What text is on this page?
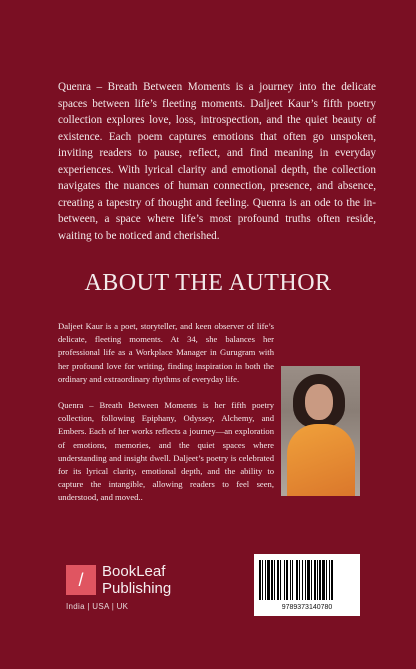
Quenra – Breath Between Moments is a journey into the delicate spaces between life’s fleeting moments. Daljeet Kaur’s fifth poetry collection explores love, loss, introspection, and the quiet beauty of existence. Each poem captures emotions that often go unspoken, inviting readers to pause, reflect, and find meaning in everyday experiences. With lyrical clarity and emotional depth, the collection navigates the nuances of human connection, presence, and absence, creating a tapestry of thought and feeling. Quenra is an ode to the in-between, a space where life’s most profound truths often reside, waiting to be noticed and cherished.
ABOUT THE AUTHOR

Daljeet Kaur is a poet, storyteller, and keen observer of life’s delicate, fleeting moments. At 34, she balances her professional life as a Workplace Manager in Gurugram with her profound love for writing, finding inspiration in both the ordinary and extraordinary rhythms of everyday life.

Quenra – Breath Between Moments is her fifth poetry collection, following Epiphany, Odyssey, Alchemy, and Embers. Each of her works reflects a journey—an exploration of emotions, memories, and the quiet spaces where understanding and insight dwell. Daljeet’s poetry is celebrated for its lyrical clarity, emotional depth, and the ability to capture the intangible, allowing readers to feel seen, understood, and moved..

/	BookLeaf
Publishing
India | USA | UK	9789373140780
